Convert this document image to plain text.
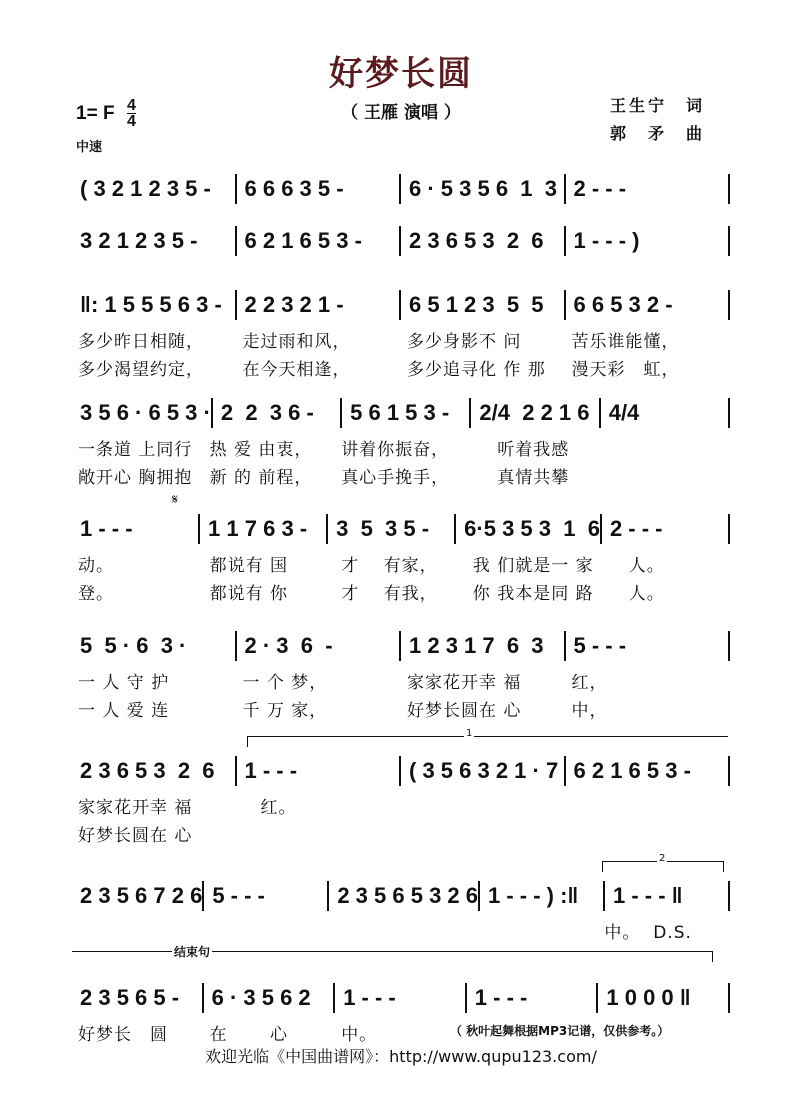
好梦长圆
（ 王雁 演唱 ）
1= F 4
4
中速
王生宁　词
郭　矛　曲
( 3 2 1 2 3 5 -	6 6 6 3 5 -	6 · 5 3 5 6  1  3 2 - - -
3 2 1 2 3 5 -	6 2 1 6 5 3 -	2 3 6 5 3  2  6	1 - - - )
‖: 1 5 5 5 6 3 -	2 2 3 2 1 -	6 5 1 2 3  5  5	6 6 5 3 2 -
多少昨日相随，	走过雨和风，	多少身影不 问	苦乐谁能懂，
多少渴望约定，	在今天相逢，	多少追寻化 作 那	漫天彩　虹，
3 5 6 · 6 5 3 · 2  2  3 6 -	5 6 1 5 3 -	2/4  2 2 1 6 4/4
一条道 上同行	热 爱 由衷，	讲着你振奋，	　 听着我感
敞开心 胸拥抱	新 的 前程，	真心手挽手，	　 真情共攀
1 - - -	1 1 7 6 3 -	3  5  3 5 -	6·5 3 5 3  1  6 2 - - -
动。	都说有 国	才　 有家，	我 们就是一 家 　 人。
登。	都说有 你	才　 有我，	你 我本是同 路 　 人。
𝄋
5  5 · 6  3 ·	2 · 3  6  -	1 2 3 1 7  6  3	5 - - -
一 人 守 护	一 个 梦，	家家花开幸 福	红，
一 人 爱 连	千 万 家，	好梦长圆在 心	中，
2 3 6 5 3  2  6	1 - - -	( 3 5 6 3 2 1 · 7 6 2 1 6 5 3 -
家家花开幸 福	　红。
好梦长圆在 心
1
2 3 5 6 7 2 6 5 - - -	2 3 5 6 5 3 2 6 1 - - - ) :‖	1 - - - ‖
中。  D.S.
2
2 3 5 6 5 -	6 · 3 5 6 2	1 - - -	1 - - -	1 0 0 0 ‖
好梦长　圆	在　　 心	中。
结束句
（ 秋叶起舞根据MP3记谱，仅供参考。）
欢迎光临《中国曲谱网》：http://www.qupu123.com/
